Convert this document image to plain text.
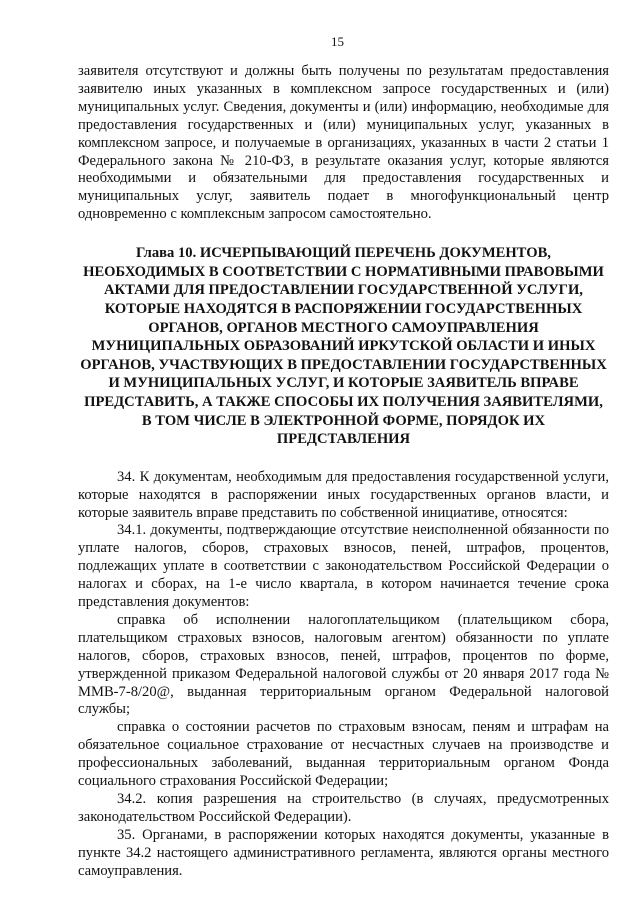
15

заявителя отсутствуют и должны быть получены по результатам предоставления заявителю иных указанных в комплексном запросе государственных и (или) муниципальных услуг. Сведения, документы и (или) информацию, необходимые для предоставления государственных и (или) муниципальных услуг, указанных в комплексном запросе, и получаемые в организациях, указанных в части 2 статьи 1 Федерального закона № 210-ФЗ, в результате оказания услуг, которые являются необходимыми и обязательными для предоставления государственных и муниципальных услуг, заявитель подает в многофункциональный центр одновременно с комплексным запросом самостоятельно.

Глава 10. ИСЧЕРПЫВАЮЩИЙ ПЕРЕЧЕНЬ ДОКУМЕНТОВ, НЕОБХОДИМЫХ В СООТВЕТСТВИИ С НОРМАТИВНЫМИ ПРАВОВЫМИ АКТАМИ ДЛЯ ПРЕДОСТАВЛЕНИИ ГОСУДАРСТВЕННОЙ УСЛУГИ, КОТОРЫЕ НАХОДЯТСЯ В РАСПОРЯЖЕНИИ ГОСУДАРСТВЕННЫХ ОРГАНОВ, ОРГАНОВ МЕСТНОГО САМОУПРАВЛЕНИЯ МУНИЦИПАЛЬНЫХ ОБРАЗОВАНИЙ ИРКУТСКОЙ ОБЛАСТИ И ИНЫХ ОРГАНОВ, УЧАСТВУЮЩИХ В ПРЕДОСТАВЛЕНИИ ГОСУДАРСТВЕННЫХ И МУНИЦИПАЛЬНЫХ УСЛУГ, И КОТОРЫЕ ЗАЯВИТЕЛЬ ВПРАВЕ ПРЕДСТАВИТЬ, А ТАКЖЕ СПОСОБЫ ИХ ПОЛУЧЕНИЯ ЗАЯВИТЕЛЯМИ, В ТОМ ЧИСЛЕ В ЭЛЕКТРОННОЙ ФОРМЕ, ПОРЯДОК ИХ ПРЕДСТАВЛЕНИЯ

34. К документам, необходимым для предоставления государственной услуги, которые находятся в распоряжении иных государственных органов власти, и которые заявитель вправе представить по собственной инициативе, относятся:

34.1. документы, подтверждающие отсутствие неисполненной обязанности по уплате налогов, сборов, страховых взносов, пеней, штрафов, процентов, подлежащих уплате в соответствии с законодательством Российской Федерации о налогах и сборах, на 1-е число квартала, в котором начинается течение срока представления документов:

справка об исполнении налогоплательщиком (плательщиком сбора, плательщиком страховых взносов, налоговым агентом) обязанности по уплате налогов, сборов, страховых взносов, пеней, штрафов, процентов по форме, утвержденной приказом Федеральной налоговой службы от 20 января 2017 года № ММВ-7-8/20@, выданная территориальным органом Федеральной налоговой службы;

справка о состоянии расчетов по страховым взносам, пеням и штрафам на обязательное социальное страхование от несчастных случаев на производстве и профессиональных заболеваний, выданная территориальным органом Фонда социального страхования Российской Федерации;

34.2. копия разрешения на строительство (в случаях, предусмотренных законодательством Российской Федерации).

35. Органами, в распоряжении которых находятся документы, указанные в пункте 34.2 настоящего административного регламента, являются органы местного самоуправления.
